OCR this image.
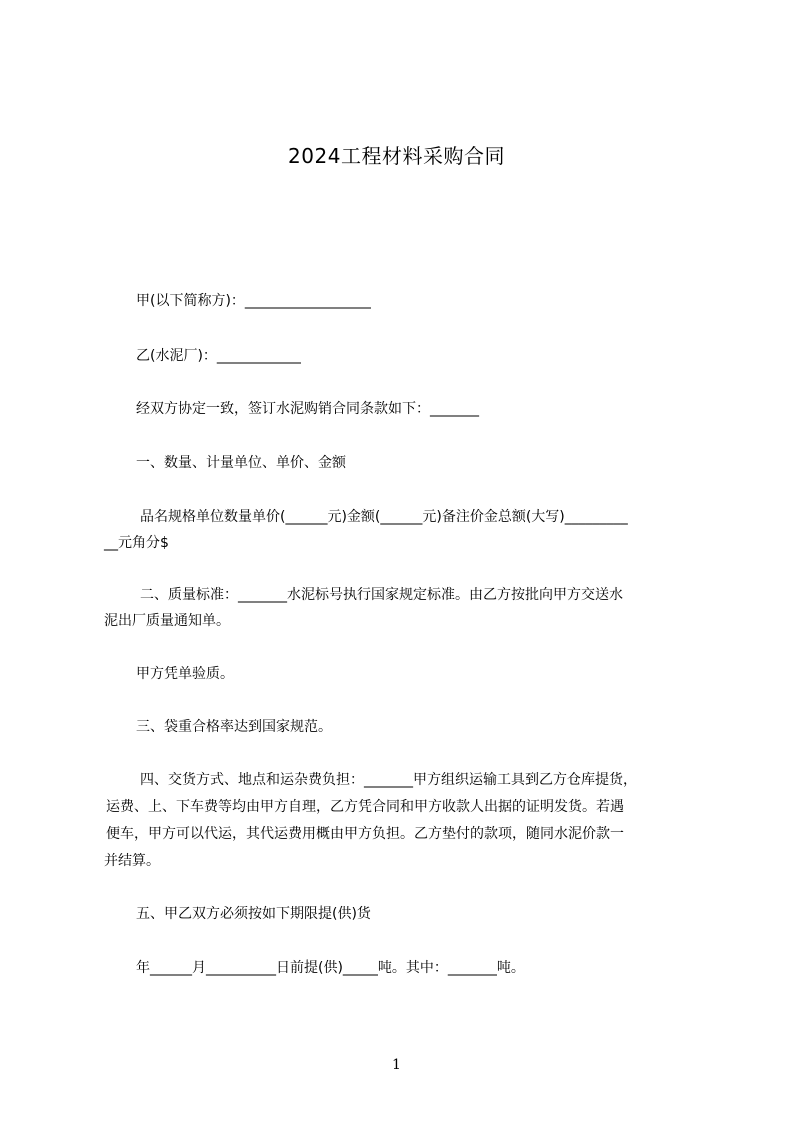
2024工程材料采购合同
甲(以下简称方)：__________________
乙(水泥厂)：____________
经双方协定一致，签订水泥购销合同条款如下：_______
一、数量、计量单位、单价、金额
品名规格单位数量单价(______元)金额(______元)备注价金总额(大写)_________
__元角分$
二、质量标准：_______水泥标号执行国家规定标准。由乙方按批向甲方交送水
泥出厂质量通知单。
甲方凭单验质。
三、袋重合格率达到国家规范。
四、交货方式、地点和运杂费负担：_______甲方组织运输工具到乙方仓库提货，
运费、上、下车费等均由甲方自理，乙方凭合同和甲方收款人出据的证明发货。若遇
便车，甲方可以代运，其代运费用概由甲方负担。乙方垫付的款项，随同水泥价款一
并结算。
五、甲乙双方必须按如下期限提(供)货
年______月__________日前提(供)_____吨。其中：_______吨。
1
